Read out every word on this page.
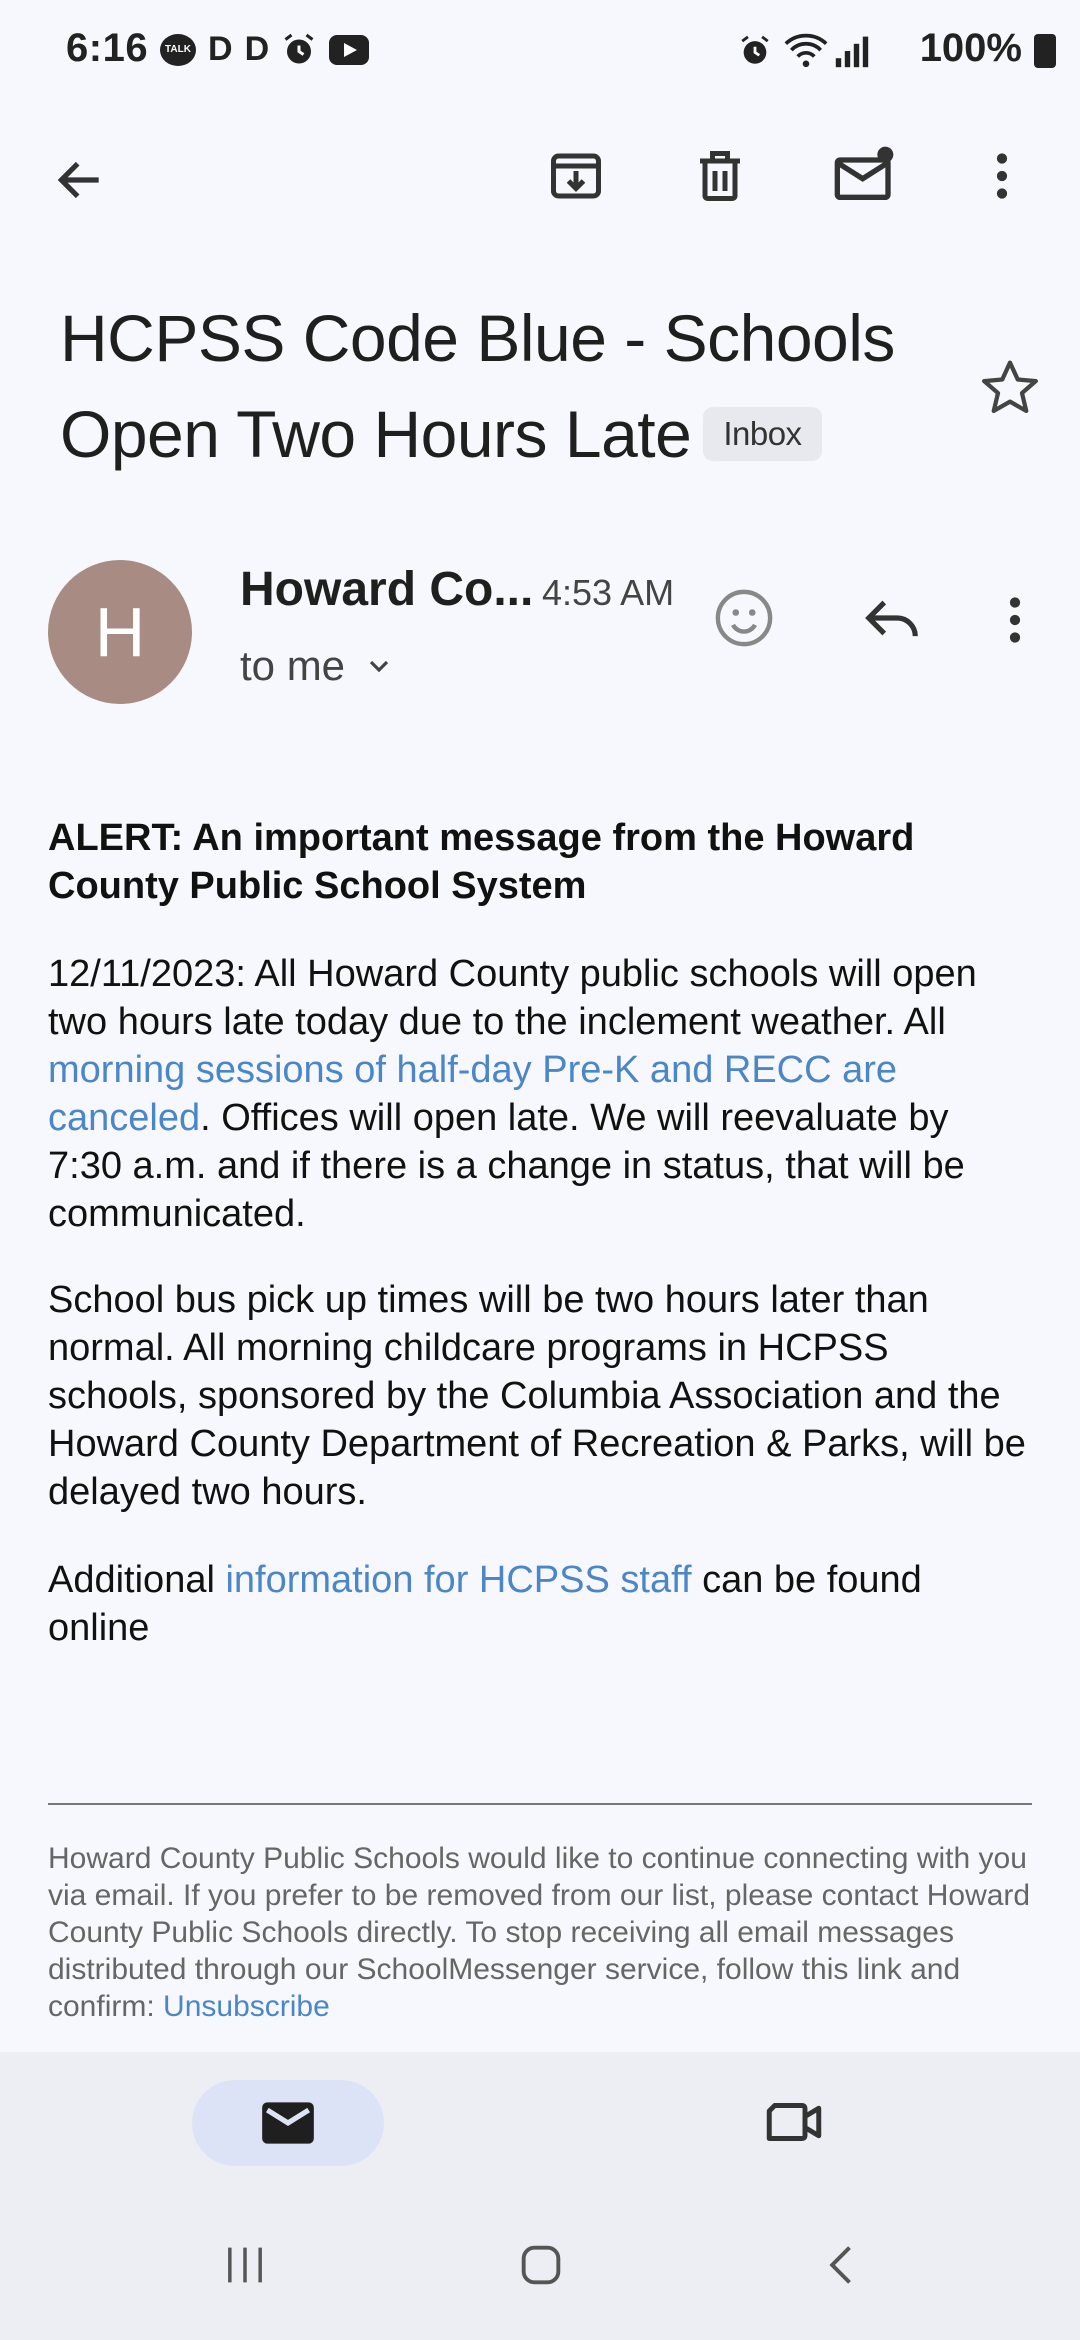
6:16	TALK D D	100%
HCPSS Code Blue - Schools Open Two Hours Late Inbox
H
Howard Co... 4:53 AM
to me
ALERT: An important message from the Howard County Public School System
12/11/2023: All Howard County public schools will open two hours late today due to the inclement weather. All morning sessions of half-day Pre-K and RECC are canceled. Offices will open late. We will reevaluate by 7:30 a.m. and if there is a change in status, that will be communicated.
School bus pick up times will be two hours later than normal. All morning childcare programs in HCPSS schools, sponsored by the Columbia Association and the Howard County Department of Recreation & Parks, will be delayed two hours.
Additional information for HCPSS staff can be found online
Howard County Public Schools would like to continue connecting with you via email. If you prefer to be removed from our list, please contact Howard County Public Schools directly. To stop receiving all email messages distributed through our SchoolMessenger service, follow this link and confirm: Unsubscribe
